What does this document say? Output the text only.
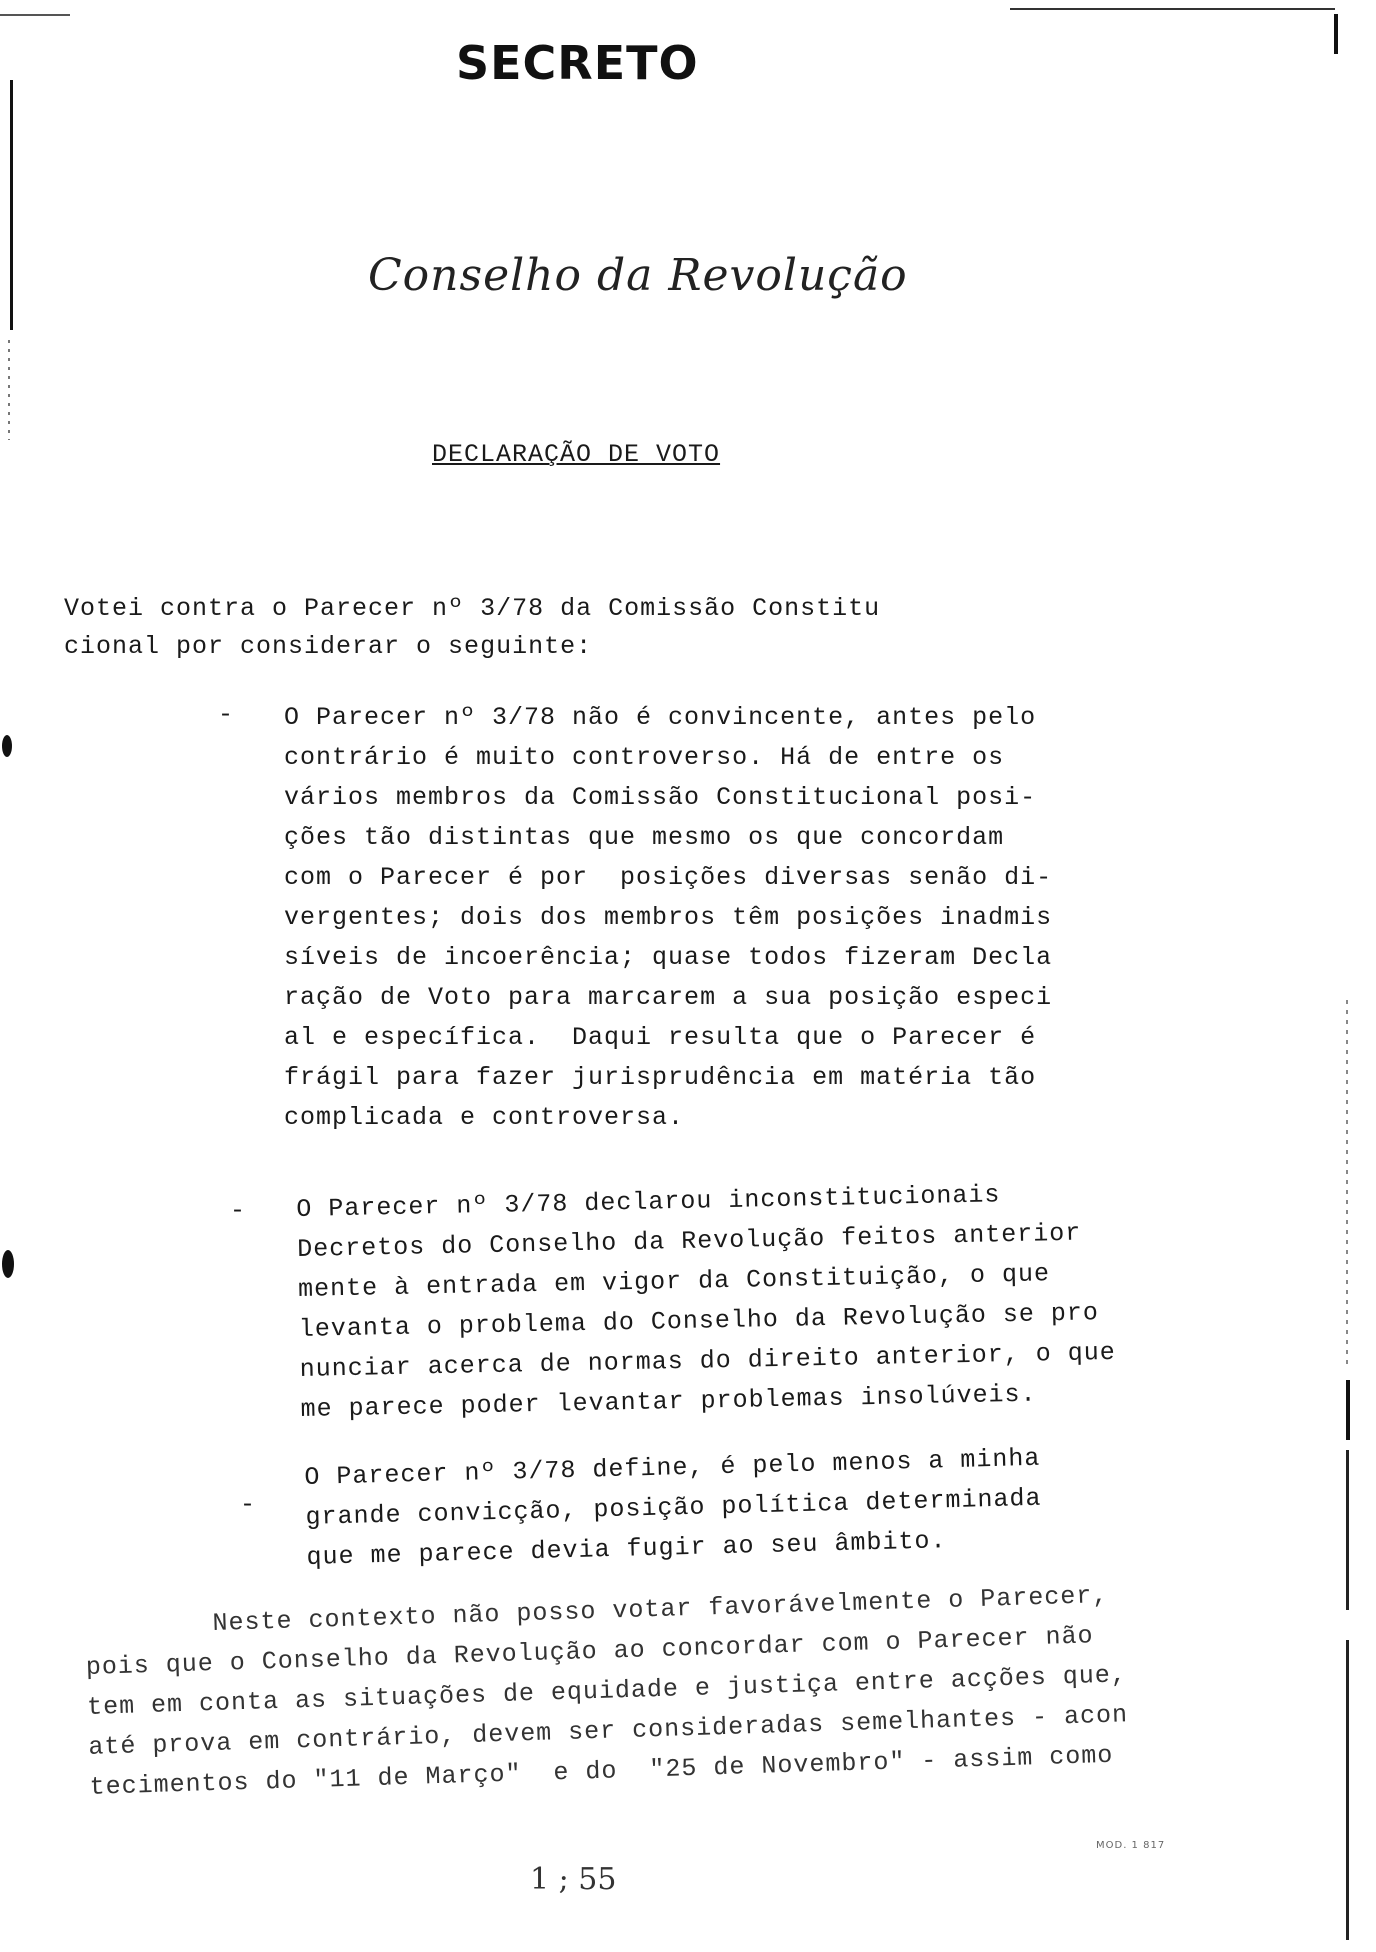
SECRETO
Conselho da Revolução
DECLARAÇÃO DE VOTO
Votei contra o Parecer nº 3/78 da Comissão Constitu
cional por considerar o seguinte:
- O Parecer nº 3/78 não é convincente, antes pelo
contrário é muito controverso. Há de entre os
vários membros da Comissão Constitucional posi-
ções tão distintas que mesmo os que concordam
com o Parecer é por  posições diversas senão di-
vergentes; dois dos membros têm posições inadmis
síveis de incoerência; quase todos fizeram Decla
ração de Voto para marcarem a sua posição especi
al e específica.  Daqui resulta que o Parecer é
frágil para fazer jurisprudência em matéria tão
complicada e controversa.
- O Parecer nº 3/78 declarou inconstitucionais
Decretos do Conselho da Revolução feitos anterior
mente à entrada em vigor da Constituição, o que
levanta o problema do Conselho da Revolução se pro
nunciar acerca de normas do direito anterior, o que
me parece poder levantar problemas insolúveis.
-
O Parecer nº 3/78 define, é pelo menos a minha
grande convicção, posição política determinada
que me parece devia fugir ao seu âmbito.
Neste contexto não posso votar favorávelmente o Parecer,
pois que o Conselho da Revolução ao concordar com o Parecer não
tem em conta as situações de equidade e justiça entre acções que,
até prova em contrário, devem ser consideradas semelhantes - acon
tecimentos do "11 de Março"  e do  "25 de Novembro" - assim como
MOD. 1 817
1 ; 55
